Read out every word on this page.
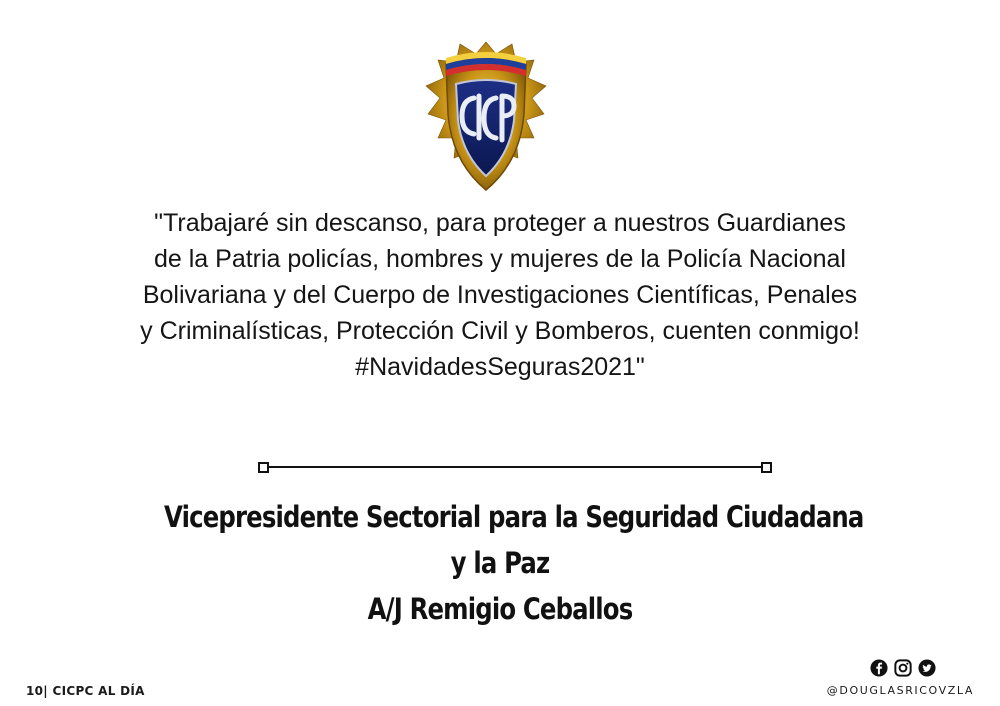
"Trabajaré sin descanso, para proteger a nuestros Guardianes
de la Patria policías, hombres y mujeres de la Policía Nacional
Bolivariana y del Cuerpo de Investigaciones Científicas, Penales
y Criminalísticas, Protección Civil y Bomberos, cuenten conmigo!
#NavidadesSeguras2021"
Vicepresidente Sectorial para la Seguridad Ciudadana
y la Paz
A/J Remigio Ceballos
10| CICPC AL DÍA	@DOUGLASRICOVZLA
